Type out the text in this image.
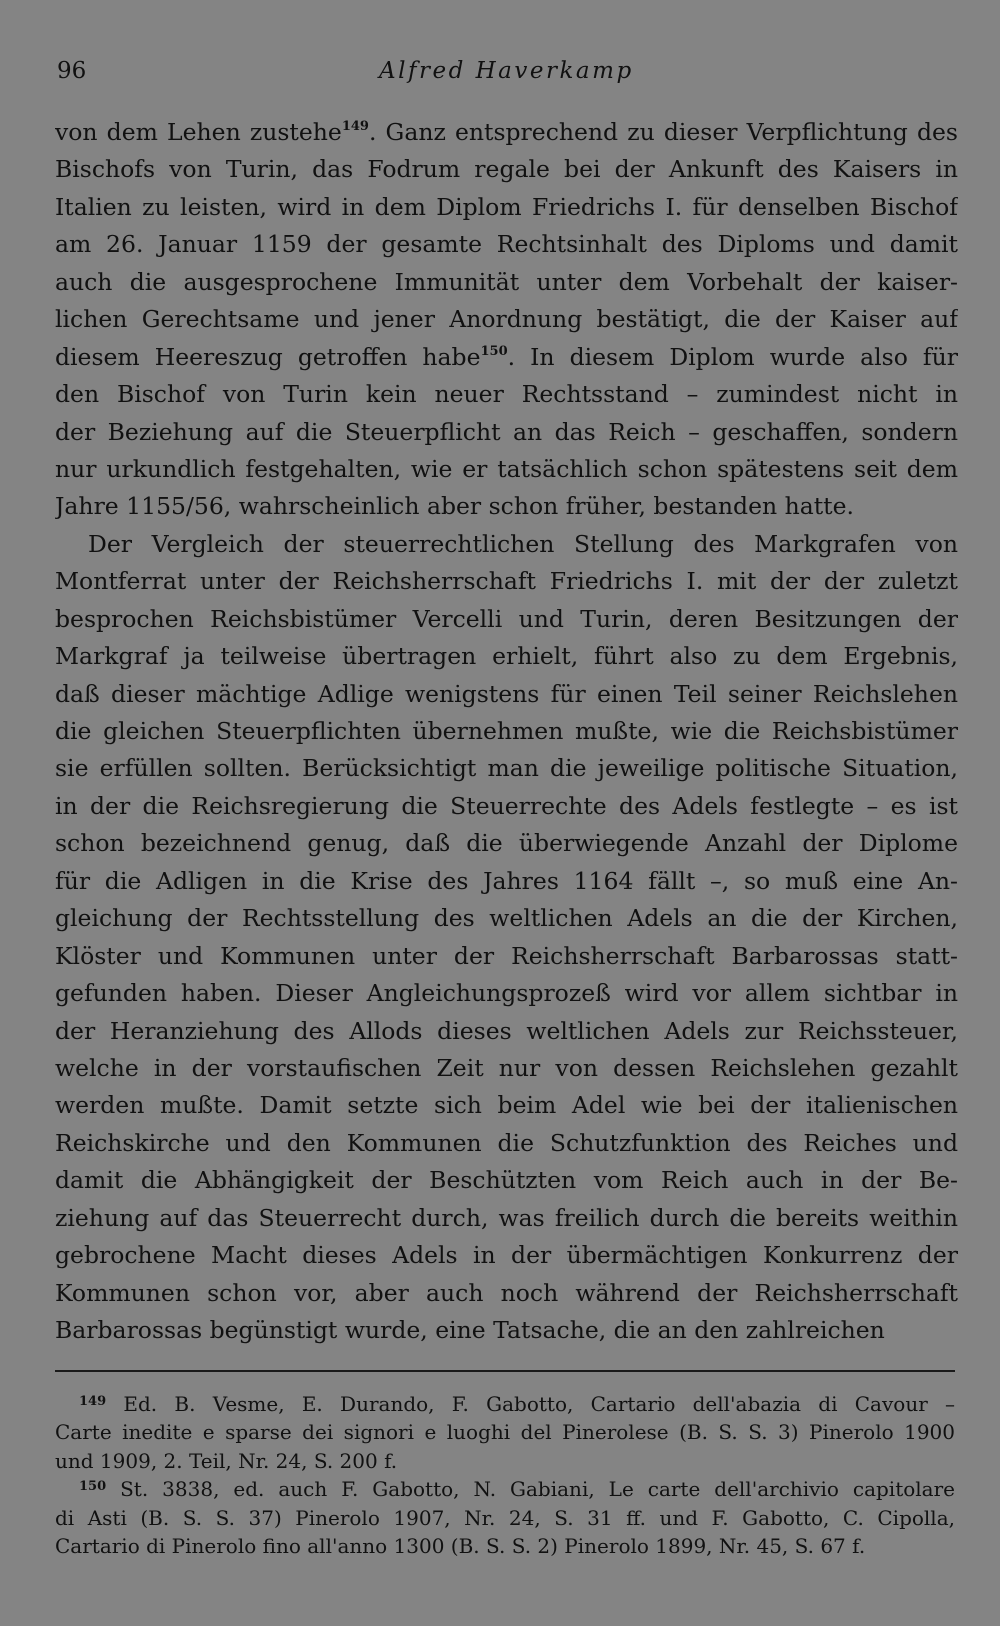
96	Alfred Haverkamp
von dem Lehen zustehe$^{149}$. Ganz entsprechend zu dieser Verpflichtung des
Bischofs von Turin, das Fodrum regale bei der Ankunft des Kaisers in
Italien zu leisten, wird in dem Diplom Friedrichs I. für denselben Bischof
am 26. Januar 1159 der gesamte Rechtsinhalt des Diploms und damit
auch die ausgesprochene Immunität unter dem Vorbehalt der kaiser-
lichen Gerechtsame und jener Anordnung bestätigt, die der Kaiser auf
diesem Heereszug getroffen habe$^{150}$. In diesem Diplom wurde also für
den Bischof von Turin kein neuer Rechtsstand – zumindest nicht in
der Beziehung auf die Steuerpflicht an das Reich – geschaffen, sondern
nur urkundlich festgehalten, wie er tatsächlich schon spätestens seit dem
Jahre 1155/56, wahrscheinlich aber schon früher, bestanden hatte.
Der Vergleich der steuerrechtlichen Stellung des Markgrafen von
Montferrat unter der Reichsherrschaft Friedrichs I. mit der der zuletzt
besprochen Reichsbistümer Vercelli und Turin, deren Besitzungen der
Markgraf ja teilweise übertragen erhielt, führt also zu dem Ergebnis,
daß dieser mächtige Adlige wenigstens für einen Teil seiner Reichslehen
die gleichen Steuerpflichten übernehmen mußte, wie die Reichsbistümer
sie erfüllen sollten. Berücksichtigt man die jeweilige politische Situation,
in der die Reichsregierung die Steuerrechte des Adels festlegte – es ist
schon bezeichnend genug, daß die überwiegende Anzahl der Diplome
für die Adligen in die Krise des Jahres 1164 fällt –, so muß eine An-
gleichung der Rechtsstellung des weltlichen Adels an die der Kirchen,
Klöster und Kommunen unter der Reichsherrschaft Barbarossas statt-
gefunden haben. Dieser Angleichungsprozeß wird vor allem sichtbar in
der Heranziehung des Allods dieses weltlichen Adels zur Reichssteuer,
welche in der vorstaufischen Zeit nur von dessen Reichslehen gezahlt
werden mußte. Damit setzte sich beim Adel wie bei der italienischen
Reichskirche und den Kommunen die Schutzfunktion des Reiches und
damit die Abhängigkeit der Beschützten vom Reich auch in der Be-
ziehung auf das Steuerrecht durch, was freilich durch die bereits weithin
gebrochene Macht dieses Adels in der übermächtigen Konkurrenz der
Kommunen schon vor, aber auch noch während der Reichsherrschaft
Barbarossas begünstigt wurde, eine Tatsache, die an den zahlreichen
$^{149}$ Ed. B. Vesme, E. Durando, F. Gabotto, Cartario dell'abazia di Cavour –
Carte inedite e sparse dei signori e luoghi del Pinerolese (B. S. S. 3) Pinerolo 1900
und 1909, 2. Teil, Nr. 24, S. 200 f.
$^{150}$ St. 3838, ed. auch F. Gabotto, N. Gabiani, Le carte dell'archivio capitolare
di Asti (B. S. S. 37) Pinerolo 1907, Nr. 24, S. 31 ff. und F. Gabotto, C. Cipolla,
Cartario di Pinerolo fino all'anno 1300 (B. S. S. 2) Pinerolo 1899, Nr. 45, S. 67 f.
